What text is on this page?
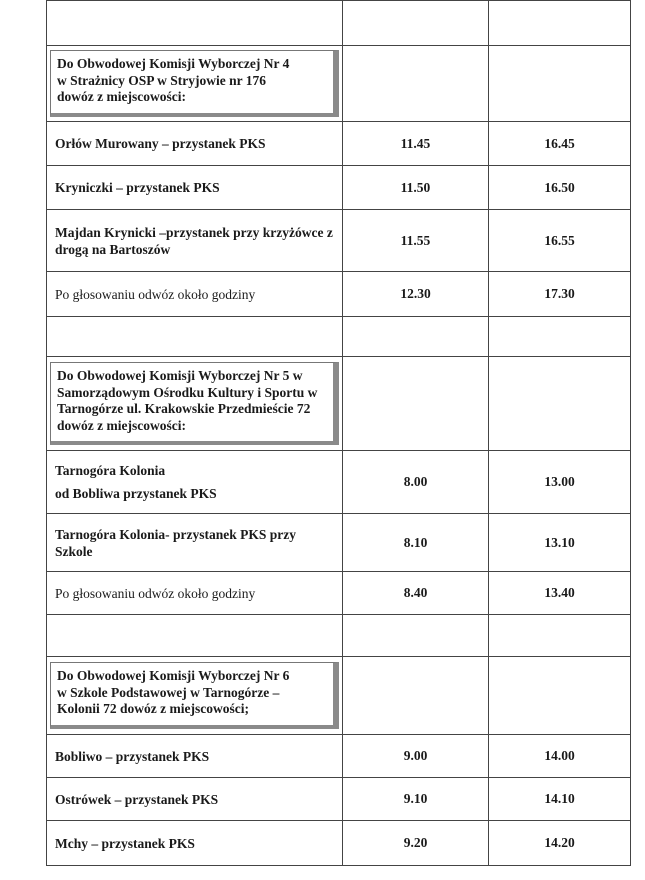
Do Obwodowej Komisji Wyborczej Nr 4
w Strażnicy OSP w Stryjowie nr 176
dowóz z miejscowości:		

Orłów Murowany – przystanek PKS	11.45	16.45
Kryniczki – przystanek PKS	11.50	16.50
Majdan Krynicki –przystanek przy krzyżówce z drogą na Bartoszów	11.55	16.55
Po głosowaniu odwóz około godziny	12.30	17.30

Do Obwodowej Komisji Wyborczej Nr 5 w
Samorządowym Ośrodku Kultury i Sportu w
Tarnogórze ul. Krakowskie Przedmieście 72
dowóz z miejscowości:		

Tarnogóra Kolonia
od Bobliwa przystanek PKS	8.00	13.00
Tarnogóra Kolonia- przystanek PKS przy Szkole	8.10	13.10
Po głosowaniu odwóz około godziny	8.40	13.40

Do Obwodowej Komisji Wyborczej Nr 6
w Szkole Podstawowej w Tarnogórze –
Kolonii 72 dowóz z miejscowości;		

Bobliwo – przystanek PKS	9.00	14.00
Ostrówek – przystanek PKS	9.10	14.10
Mchy – przystanek PKS	9.20	14.20
